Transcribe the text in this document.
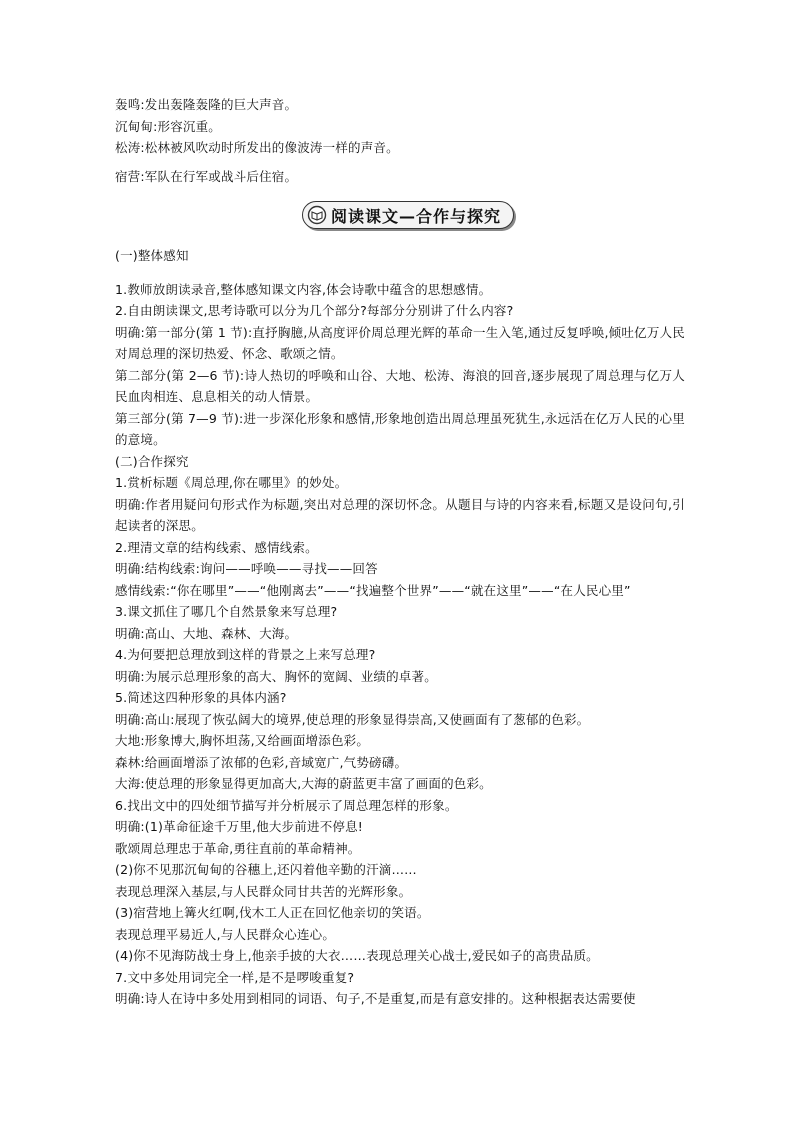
轰鸣:发出轰隆轰隆的巨大声音。
沉甸甸:形容沉重。
松涛:松林被风吹动时所发出的像波涛一样的声音。
宿营:军队在行军或战斗后住宿。
阅读课文—合作与探究
(一)整体感知
1.教师放朗读录音,整体感知课文内容,体会诗歌中蕴含的思想感情。
2.自由朗读课文,思考诗歌可以分为几个部分?每部分分别讲了什么内容?
明确:第一部分(第 1 节):直抒胸臆,从高度评价周总理光辉的革命一生入笔,通过反复呼唤,倾吐亿万人民对周总理的深切热爱、怀念、歌颂之情。
第二部分(第 2—6 节):诗人热切的呼唤和山谷、大地、松涛、海浪的回音,逐步展现了周总理与亿万人民血肉相连、息息相关的动人情景。
第三部分(第 7—9 节):进一步深化形象和感情,形象地创造出周总理虽死犹生,永远活在亿万人民的心里的意境。
(二)合作探究
1.赏析标题《周总理,你在哪里》的妙处。
明确:作者用疑问句形式作为标题,突出对总理的深切怀念。从题目与诗的内容来看,标题又是设问句,引起读者的深思。
2.理清文章的结构线索、感情线索。
明确:结构线索:询问——呼唤——寻找——回答
感情线索:“你在哪里”——“他刚离去”——“找遍整个世界”——“就在这里”——“在人民心里”
3.课文抓住了哪几个自然景象来写总理?
明确:高山、大地、森林、大海。
4.为何要把总理放到这样的背景之上来写总理?
明确:为展示总理形象的高大、胸怀的宽阔、业绩的卓著。
5.简述这四种形象的具体内涵?
明确:高山:展现了恢弘阔大的境界,使总理的形象显得崇高,又使画面有了葱郁的色彩。
大地:形象博大,胸怀坦荡,又给画面增添色彩。
森林:给画面增添了浓郁的色彩,音域宽广,气势磅礴。
大海:使总理的形象显得更加高大,大海的蔚蓝更丰富了画面的色彩。
6.找出文中的四处细节描写并分析展示了周总理怎样的形象。
明确:(1)革命征途千万里,他大步前进不停息!
歌颂周总理忠于革命,勇往直前的革命精神。
(2)你不见那沉甸甸的谷穗上,还闪着他辛勤的汗滴……
表现总理深入基层,与人民群众同甘共苦的光辉形象。
(3)宿营地上篝火红啊,伐木工人正在回忆他亲切的笑语。
表现总理平易近人,与人民群众心连心。
(4)你不见海防战士身上,他亲手披的大衣……表现总理关心战士,爱民如子的高贵品质。
7.文中多处用词完全一样,是不是啰唆重复?
明确:诗人在诗中多处用到相同的词语、句子,不是重复,而是有意安排的。这种根据表达需要使
